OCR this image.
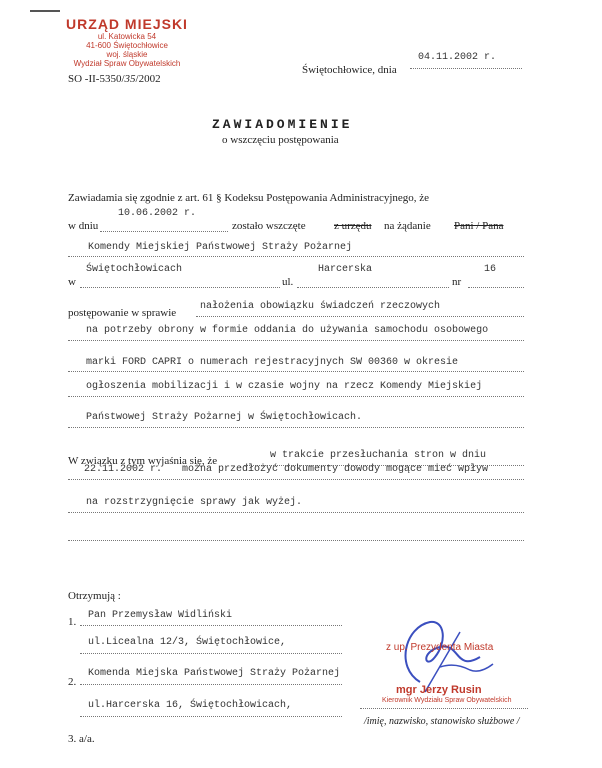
URZĄD MIEJSKI
ul. Katowicka 54
41-600 Świętochłowice
woj. śląskie
Wydział Spraw Obywatelskich
SO -II-5350/35/2002
Świętochłowice, dnia
04.11.2002 r.
ZAWIADOMIENIE
o wszczęciu postępowania
Zawiadamia się zgodnie z art. 61 § Kodeksu Postępowania Administracyjnego, że
w dniu
10.06.2002 r.
zostało wszczęte	z urzędu na żądanie Pani / Pana
Komendy Miejskiej Państwowej Straży Pożarnej
w
Świętochłowicach
ul.
Harcerska
nr
16
postępowanie w sprawie
nałożenia obowiązku świadczeń rzeczowych
na potrzeby obrony w formie oddania do używania samochodu osobowego
marki FORD CAPRI o numerach rejestracyjnych SW 00360 w okresie
ogłoszenia mobilizacji i w czasie wojny na rzecz Komendy Miejskiej
Państwowej Straży Pożarnej w Świętochłowicach.
W związku z tym wyjaśnia się, że	w trakcie przesłuchania stron w dniu
22.11.2002 r. można przedłożyć dokumenty dowody mogące mieć wpływ
na rozstrzygnięcie sprawy jak wyżej.
Otrzymują :
1.
Pan Przemysław Widliński
ul.Licealna 12/3, Świętochłowice,
2.
Komenda Miejska Państwowej Straży Pożarnej
ul.Harcerska 16, Świętochłowicach,
3. a/a.
z up. Prezydenta Miasta
mgr Jerzy Rusin
Kierownik Wydziału Spraw Obywatelskich
/imię, nazwisko, stanowisko służbowe /
